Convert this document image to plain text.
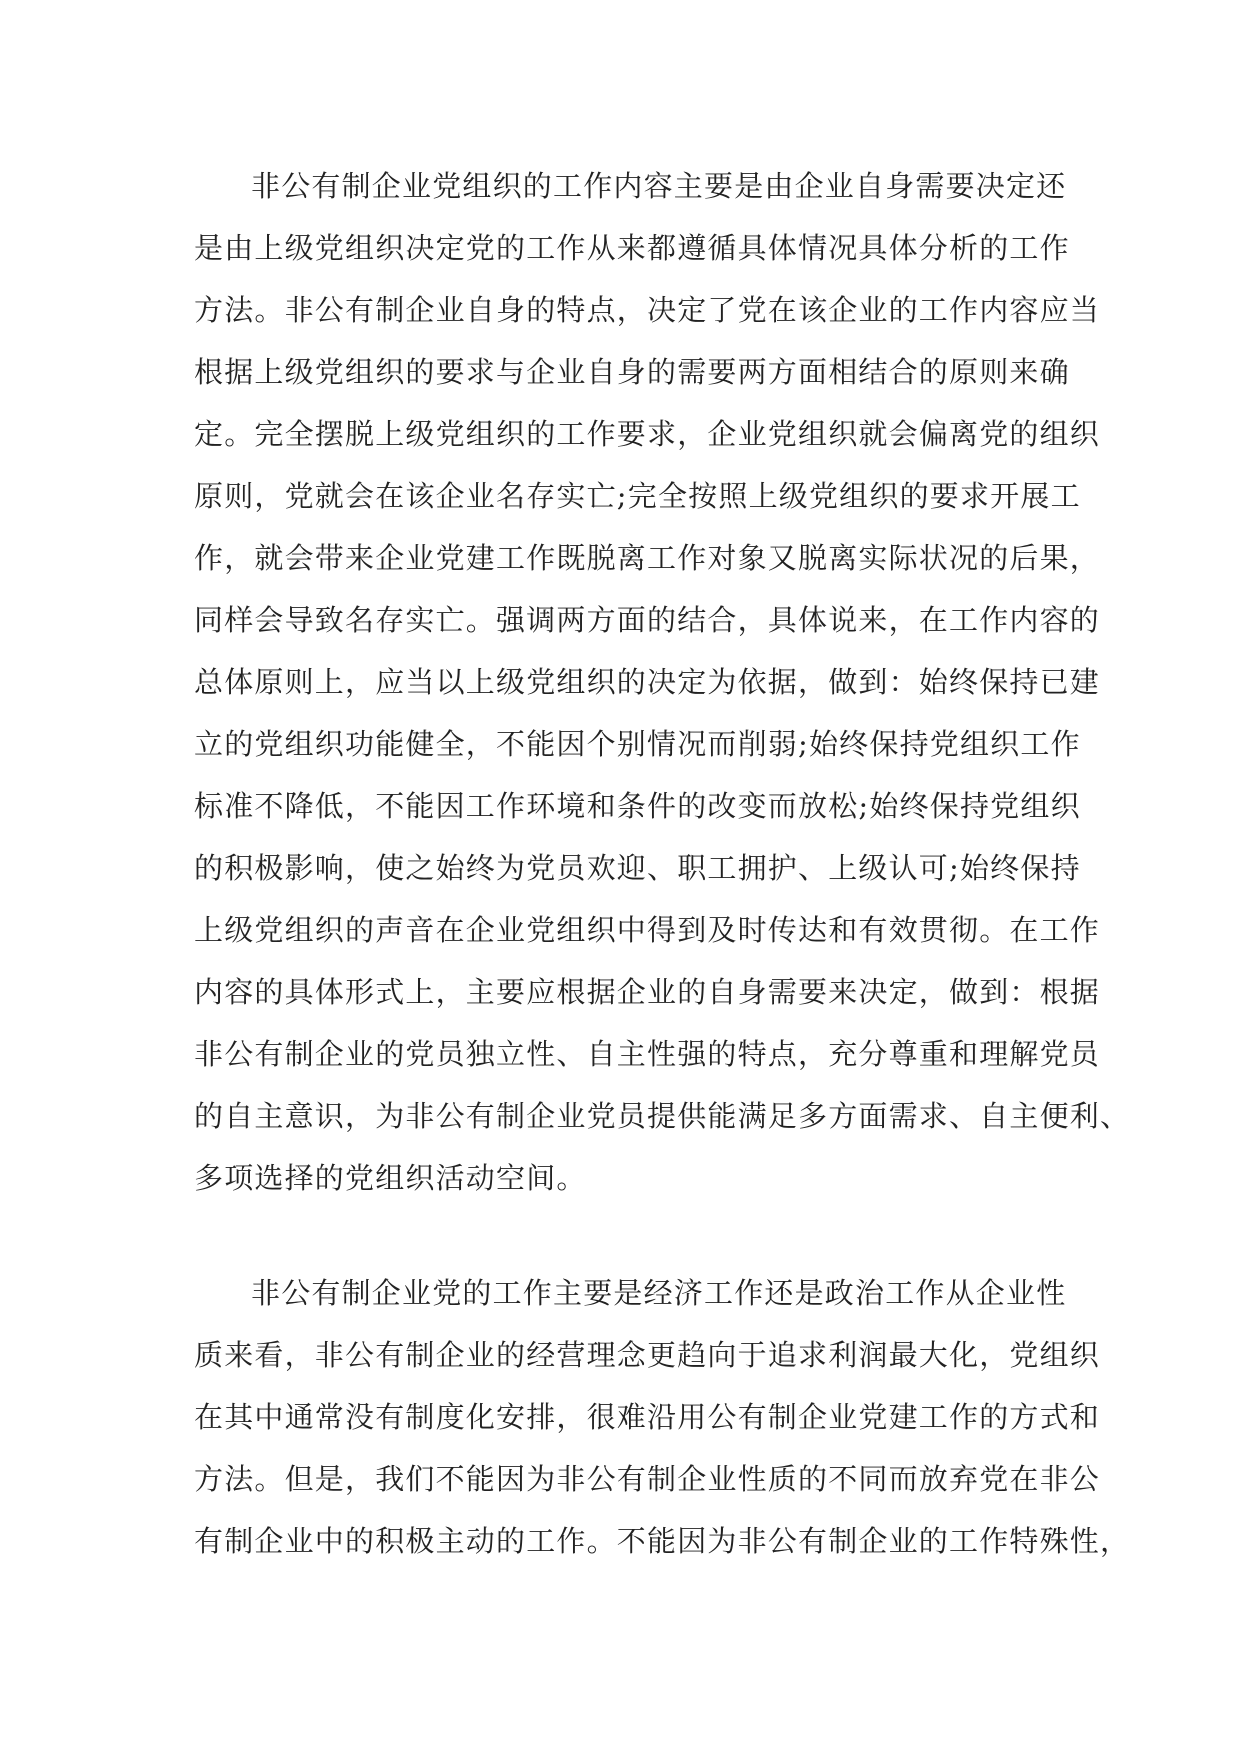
非公有制企业党组织的工作内容主要是由企业自身需要决定还
是由上级党组织决定党的工作从来都遵循具体情况具体分析的工作
方法。非公有制企业自身的特点，决定了党在该企业的工作内容应当
根据上级党组织的要求与企业自身的需要两方面相结合的原则来确
定。完全摆脱上级党组织的工作要求，企业党组织就会偏离党的组织
原则，党就会在该企业名存实亡;完全按照上级党组织的要求开展工
作，就会带来企业党建工作既脱离工作对象又脱离实际状况的后果，
同样会导致名存实亡。强调两方面的结合，具体说来，在工作内容的
总体原则上，应当以上级党组织的决定为依据，做到：始终保持已建
立的党组织功能健全，不能因个别情况而削弱;始终保持党组织工作
标准不降低，不能因工作环境和条件的改变而放松;始终保持党组织
的积极影响，使之始终为党员欢迎、职工拥护、上级认可;始终保持
上级党组织的声音在企业党组织中得到及时传达和有效贯彻。在工作
内容的具体形式上，主要应根据企业的自身需要来决定，做到：根据
非公有制企业的党员独立性、自主性强的特点，充分尊重和理解党员
的自主意识，为非公有制企业党员提供能满足多方面需求、自主便利、
多项选择的党组织活动空间。
非公有制企业党的工作主要是经济工作还是政治工作从企业性
质来看，非公有制企业的经营理念更趋向于追求利润最大化，党组织
在其中通常没有制度化安排，很难沿用公有制企业党建工作的方式和
方法。但是，我们不能因为非公有制企业性质的不同而放弃党在非公
有制企业中的积极主动的工作。不能因为非公有制企业的工作特殊性，
